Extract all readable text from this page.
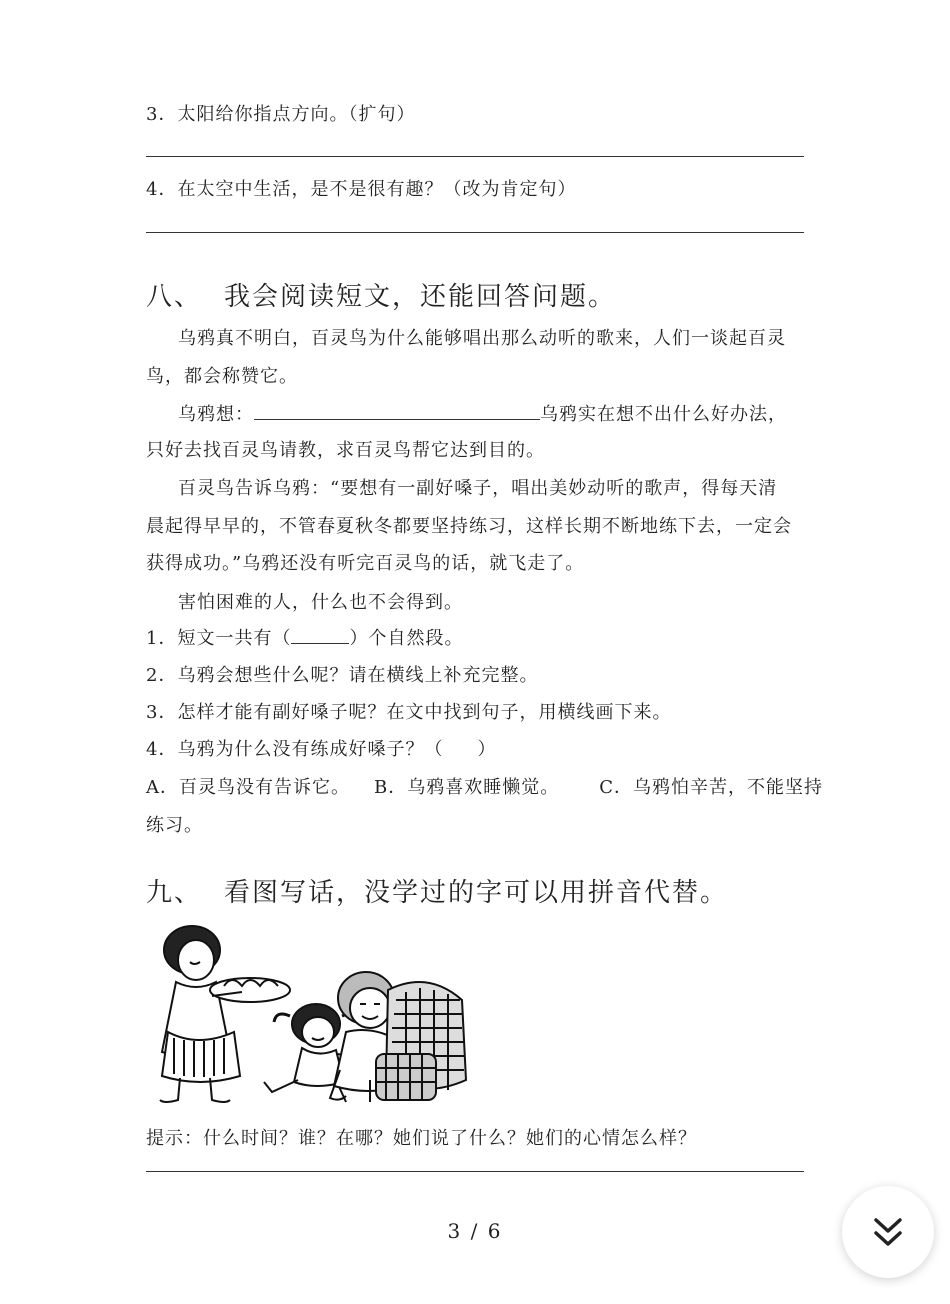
3．太阳给你指点方向。（扩句）
4．在太空中生活，是不是很有趣？（改为肯定句）
八、 我会阅读短文，还能回答问题。
乌鸦真不明白，百灵鸟为什么能够唱出那么动听的歌来，人们一谈起百灵
鸟，都会称赞它。
乌鸦想：	乌鸦实在想不出什么好办法，
只好去找百灵鸟请教，求百灵鸟帮它达到目的。
百灵鸟告诉乌鸦：“要想有一副好嗓子，唱出美妙动听的歌声，得每天清
晨起得早早的，不管春夏秋冬都要坚持练习，这样长期不断地练下去，一定会
获得成功。”乌鸦还没有听完百灵鸟的话，就飞走了。
害怕困难的人，什么也不会得到。
1．短文一共有（	）个自然段。
2．乌鸦会想些什么呢？请在横线上补充完整。
3．怎样才能有副好嗓子呢？在文中找到句子，用横线画下来。
4．乌鸦为什么没有练成好嗓子？（ ）
A．百灵鸟没有告诉它。 B．乌鸦喜欢睡懒觉。 C．乌鸦怕辛苦，不能坚持
练习。
九、 看图写话，没学过的字可以用拼音代替。
提示：什么时间？谁？在哪？她们说了什么？她们的心情怎么样？
3 / 6
